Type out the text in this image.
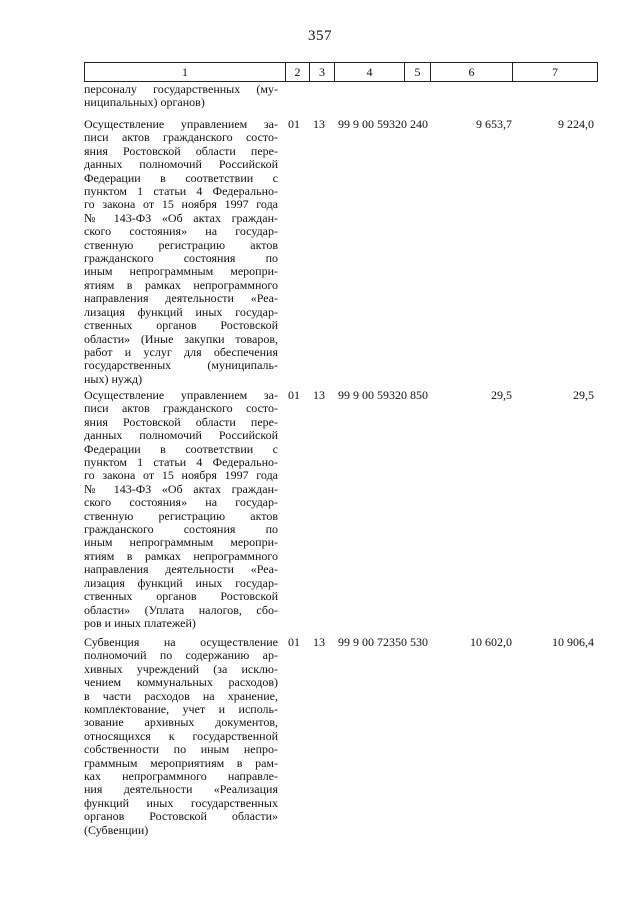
357
1	2	3	4	5	6	7
персоналу государственных (му-
ниципальных) органов)
Осуществление управлением за-
писи актов гражданского состо-
яния Ростовской области пере-
данных полномочий Российской
Федерации в соответствии с
пунктом 1 статьи 4 Федерально-
го закона от 15 ноября 1997 года
№ 143-ФЗ «Об актах граждан-
ского состояния» на государ-
ственную регистрацию актов
гражданского состояния по
иным непрограммным меропри-
ятиям в рамках непрограммного
направления деятельности «Реа-
лизация функций иных государ-
ственных органов Ростовской
области» (Иные закупки товаров,
работ и услуг для обеспечения
государственных (муниципаль-
ных) нужд)
01 13 99 9 00 59320 240	9 653,7	9 224,0
Осуществление управлением за-
писи актов гражданского состо-
яния Ростовской области пере-
данных полномочий Российской
Федерации в соответствии с
пунктом 1 статьи 4 Федерально-
го закона от 15 ноября 1997 года
№ 143-ФЗ «Об актах граждан-
ского состояния» на государ-
ственную регистрацию актов
гражданского состояния по
иным непрограммным меропри-
ятиям в рамках непрограммного
направления деятельности «Реа-
лизация функций иных государ-
ственных органов Ростовской
области» (Уплата налогов, сбо-
ров и иных платежей)
01 13 99 9 00 59320 850	29,5	29,5
Субвенция на осуществление
полномочий по содержанию ар-
хивных учреждений (за исклю-
чением коммунальных расходов)
в части расходов на хранение,
комплектование, учет и исполь-
зование архивных документов,
относящихся к государственной
собственности по иным непро-
граммным мероприятиям в рам-
ках непрограммного направле-
ния деятельности «Реализация
функций иных государственных
органов Ростовской области»
(Субвенции)
01 13 99 9 00 72350 530	10 602,0	10 906,4
